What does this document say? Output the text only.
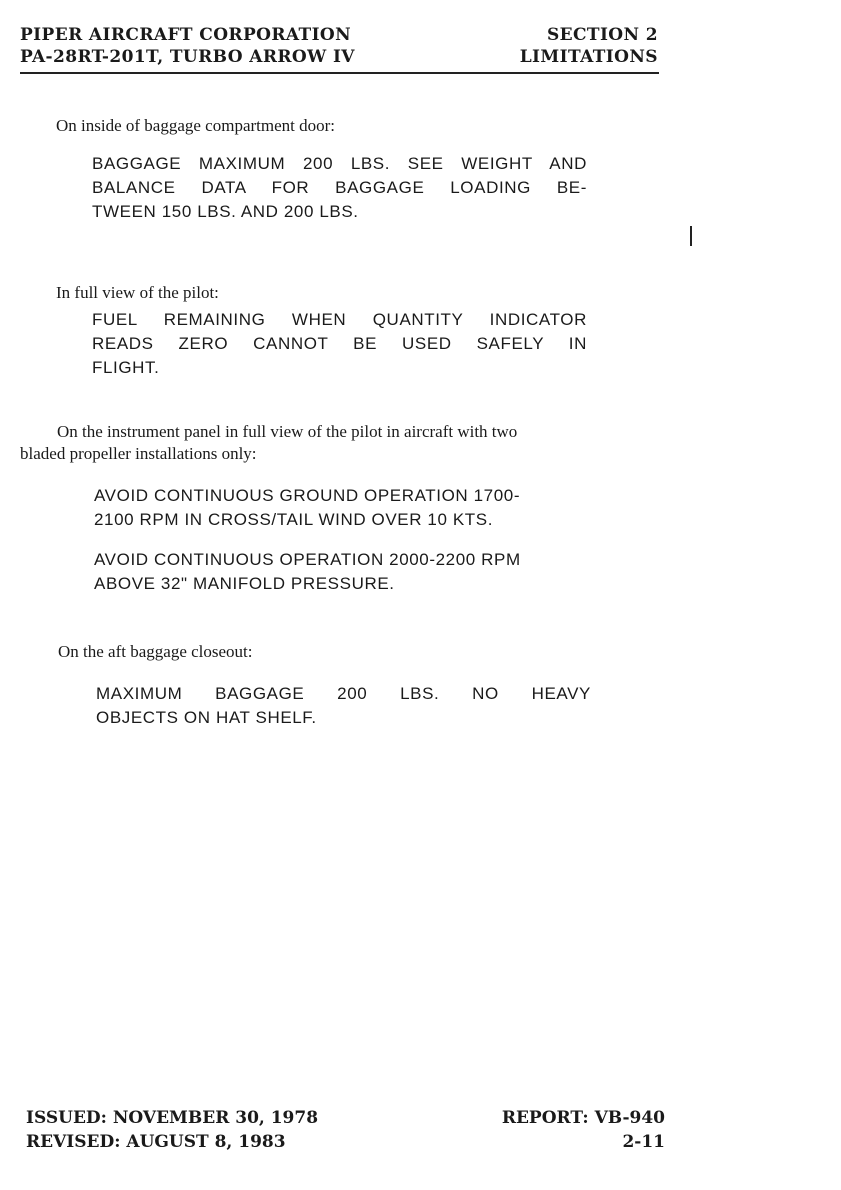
PIPER AIRCRAFT CORPORATION
PA-28RT-201T, TURBO ARROW IV
SECTION 2
LIMITATIONS
On inside of baggage compartment door:
BAGGAGE MAXIMUM 200 LBS. SEE WEIGHT AND
BALANCE DATA FOR BAGGAGE LOADING BE-
TWEEN 150 LBS. AND 200 LBS.
In full view of the pilot:
FUEL REMAINING WHEN QUANTITY INDICATOR
READS ZERO CANNOT BE USED SAFELY IN
FLIGHT.
On the instrument panel in full view of the pilot in aircraft with two
bladed propeller installations only:
AVOID CONTINUOUS GROUND OPERATION 1700-
2100 RPM IN CROSS/TAIL WIND OVER 10 KTS.
AVOID CONTINUOUS OPERATION 2000-2200 RPM
ABOVE 32" MANIFOLD PRESSURE.
On the aft baggage closeout:
MAXIMUM BAGGAGE 200 LBS. NO HEAVY
OBJECTS ON HAT SHELF.
ISSUED: NOVEMBER 30, 1978
REVISED: AUGUST 8, 1983
REPORT: VB-940
2-11
